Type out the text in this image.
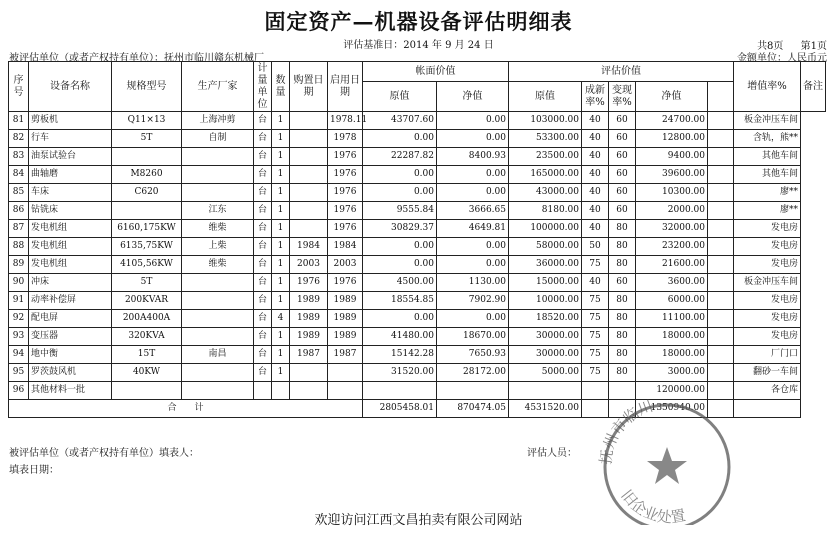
固定资产—机器设备评估明细表
评估基准日：2014 年 9 月 24 日	共8页 第1页
被评估单位（或者产权持有单位）：抚州市临川赣东机械厂	金额单位：人民币元
序号	设备名称	规格型号	生产厂家	计量单位	数量	购置日期	启用日期	帐面价值		评估价值					增值率%	备注
								原值	净值	原值	成新率%	变现率%	净值			
81	剪板机	Q11×13	上海冲剪	台	1		1978.11	43707.60	0.00	103000.00	40	60	24700.00		板金冲压车间	
82	行车	5T	自制	台	1		1978	0.00	0.00	53300.00	40	60	12800.00		含轨，熊**	
83	油泵试验台			台	1		1976	22287.82	8400.93	23500.00	40	60	9400.00		其他车间	
84	曲轴磨	M8260		台	1		1976	0.00	0.00	165000.00	40	60	39600.00		其他车间	
85	车床	C620		台	1		1976	0.00	0.00	43000.00	40	60	10300.00		廖**	
86	钻铣床		江东	台	1		1976	9555.84	3666.65	8180.00	40	60	2000.00		廖**	
87	发电机组	6160,175KW	维柴	台	1		1976	30829.37	4649.81	100000.00	40	80	32000.00		发电房	
88	发电机组	6135,75KW	上柴	台	1	1984	1984	0.00	0.00	58000.00	50	80	23200.00		发电房	
89	发电机组	4105,56KW	维柴	台	1	2003	2003	0.00	0.00	36000.00	75	80	21600.00		发电房	
90	冲床	5T		台	1	1976	1976	4500.00	1130.00	15000.00	40	60	3600.00		板金冲压车间	
91	动率补偿屏	200KVAR		台	1	1989	1989	18554.85	7902.90	10000.00	75	80	6000.00		发电房	
92	配电屏	200A400A		台	4	1989	1989	0.00	0.00	18520.00	75	80	11100.00		发电房	
93	变压器	320KVA		台	1	1989	1989	41480.00	18670.00	30000.00	75	80	18000.00		发电房	
94	地中衡	15T	南昌	台	1	1987	1987	15142.28	7650.93	30000.00	75	80	18000.00		厂门口	
95	罗茨鼓风机	40KW		台	1			31520.00	28172.00	5000.00	75	80	3000.00		翻砂一车间	
96	其他材料一批												120000.00		各仓库	
合　　计								2805458.01	870474.05	4531520.00			1350940.00			
被评估单位（或者产权持有单位）填表人：
填表日期：
评估人员： 抚州市临川
旧企业处置
欢迎访问江西文昌拍卖有限公司网站
